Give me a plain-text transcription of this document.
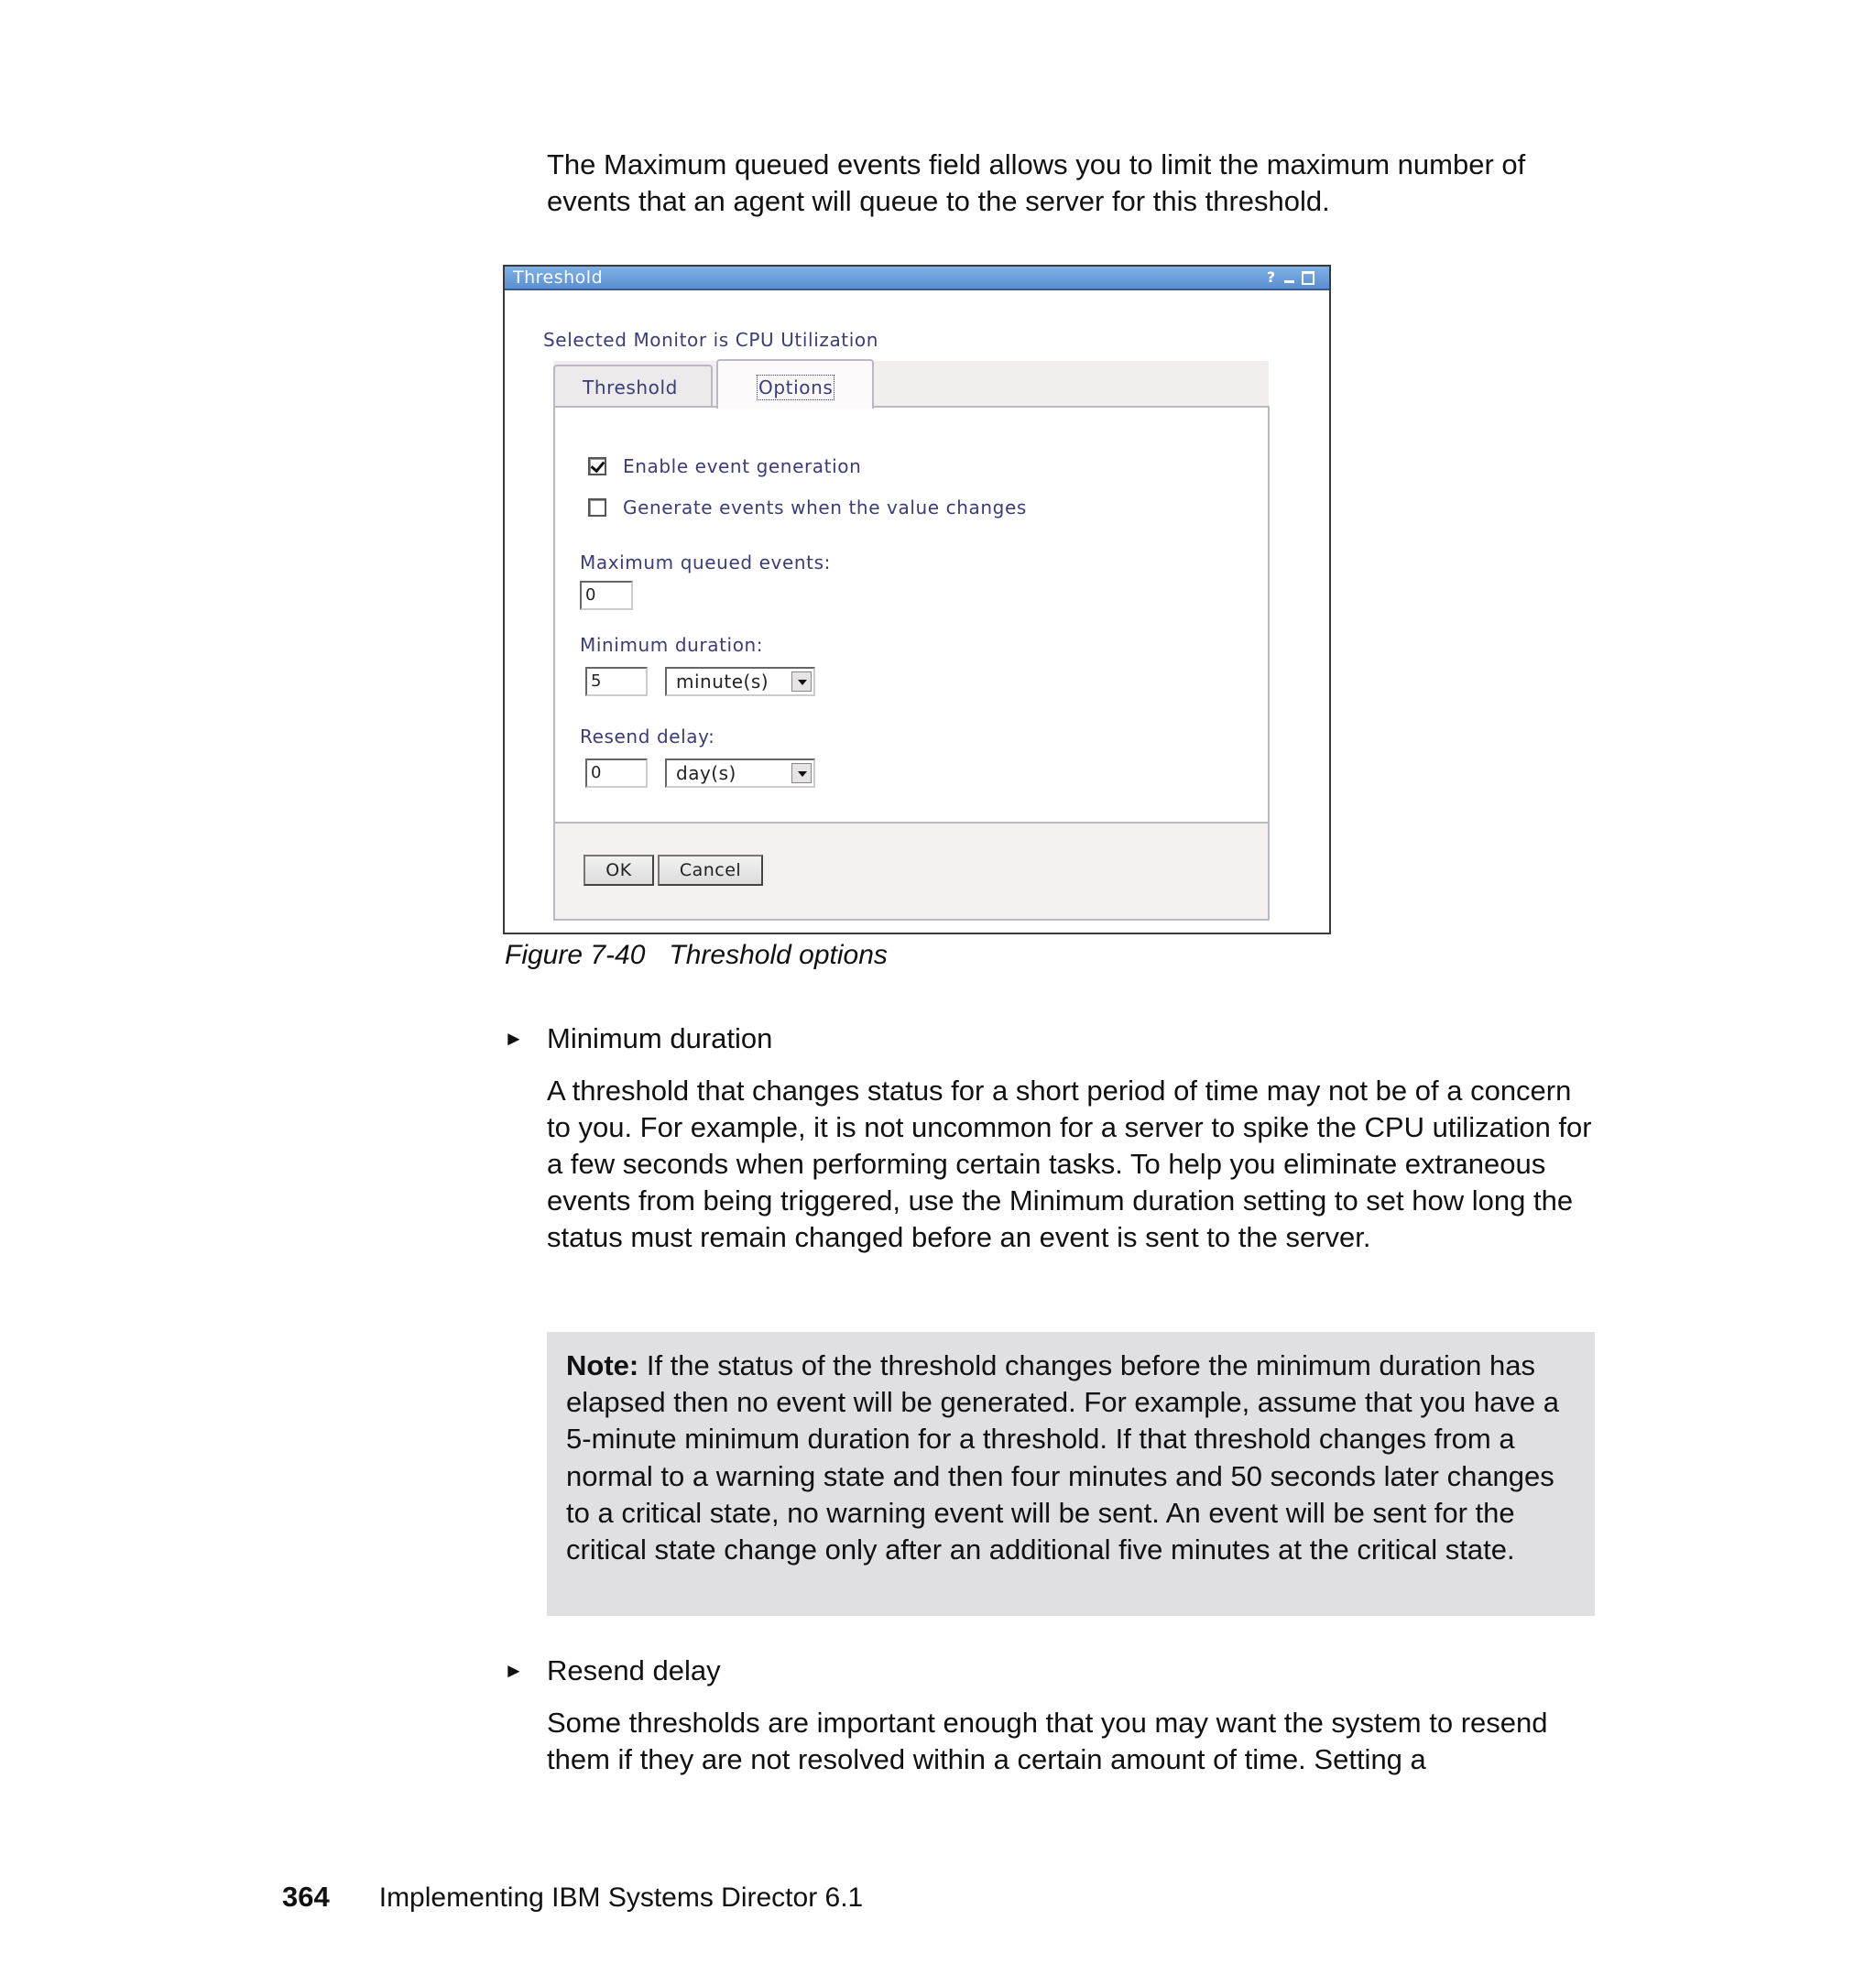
The Maximum queued events field allows you to limit the maximum number of events that an agent will queue to the server for this threshold.

Threshold	?
Selected Monitor is CPU Utilization
Threshold
Enable event generation
Generate events when the value changes
Maximum queued events:
0
Minimum duration:
5	minute(s)
Resend delay:
0	day(s)
OK	Cancel
Options
Figure 7-40 Threshold options
► Minimum duration

A threshold that changes status for a short period of time may not be of a concern to you. For example, it is not uncommon for a server to spike the CPU utilization for a few seconds when performing certain tasks. To help you eliminate extraneous events from being triggered, use the Minimum duration setting to set how long the status must remain changed before an event is sent to the server.

Note: If the status of the threshold changes before the minimum duration has elapsed then no event will be generated. For example, assume that you have a 5-minute minimum duration for a threshold. If that threshold changes from a normal to a warning state and then four minutes and 50 seconds later changes to a critical state, no warning event will be sent. An event will be sent for the critical state change only after an additional five minutes at the critical state.
► Resend delay

Some thresholds are important enough that you may want the system to resend them if they are not resolved within a certain amount of time. Setting a

364 Implementing IBM Systems Director 6.1
